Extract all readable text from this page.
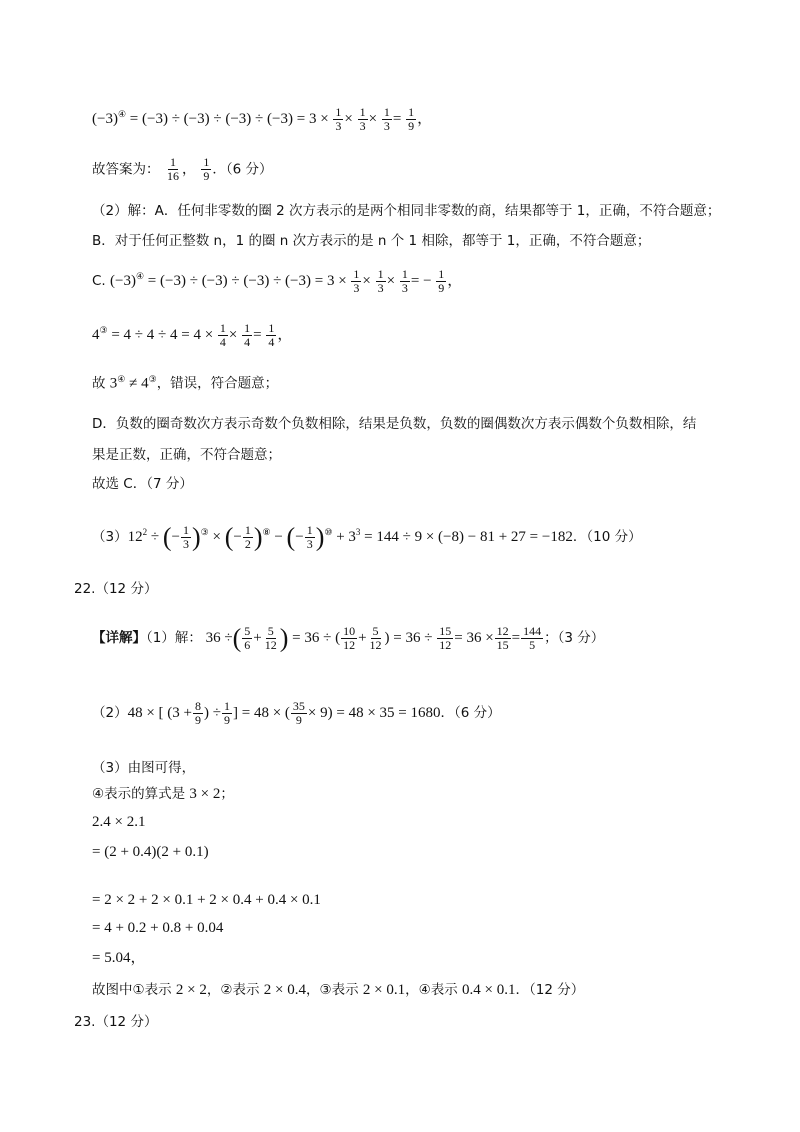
$(-3)^④ = (-3) \div (-3) \div (-3) \div (-3) = 3 \times \frac{1}{3} \times \frac{1}{3} \times \frac{1}{3} = \frac{1}{9}$ ，
故答案为： $\frac{1}{16}$ ， $\frac{1}{9}$ ．（6 分）
（2）解：A．任何非零数的圈 2 次方表示的是两个相同非零数的商，结果都等于 1，正确，不符合题意；
B．对于任何正整数 n，1 的圈 n 次方表示的是 n 个 1 相除，都等于 1，正确，不符合题意；
C. $(-3)^④ = (-3) \div (-3) \div (-3) \div (-3) = 3 \times \frac{1}{3} \times \frac{1}{3} \times \frac{1}{3}$ = − $\frac{1}{9}$ ，
$4^③ = 4 \div 4 \div 4 = 4 \times \frac{1}{4} \times \frac{1}{4} = \frac{1}{4}$ ，
故 3④ ≠ 4③，错误，符合题意；
D．负数的圈奇数次方表示奇数个负数相除，结果是负数，负数的圈偶数次方表示偶数个负数相除，结
果是正数，正确，不符合题意；
故选 C．（7 分）
$(3)12^2$ ÷ (− $\frac{1}{3} )^③$ × (− $\frac{1}{2} )^⑧$ − (− $\frac{1}{3} )^⑩ + 3^3 = 144 \div 9 \times (-8) - 81 + 27 = -182$．（10 分）
22.（12 分）
【详解】（1）解： 36 ÷( $\frac{5}{6} + \frac{5}{12}$ ) = 36 ÷ ( $\frac{10}{12} + \frac{5}{12}$ ) = $36 \div \frac{15}{12} = 36 \times \frac{12}{15} = \frac{144}{5}$ ；（3 分）
（2）48 × [ ($3 + \frac{8}{9}$ ) ÷ $\frac{1}{9}$ ] = 48 × ( $\frac{35}{9} \times 9) = 48 \times 35 = 1680$．（6 分）
（3）由图可得，
④表示的算式是 3 × 2；
2.4 × 2.1
= (2 + 0.4)(2 + 0.1)
= 2 × 2 + 2 × 0.1 + 2 × 0.4 + 0.4 × 0.1
= 4 + 0.2 + 0.8 + 0.04
= 5.04，
故图中①表示 2 × 2，②表示 2 × 0.4，③表示 2 × 0.1，④表示 0.4 × 0.1．（12 分）
23.（12 分）
